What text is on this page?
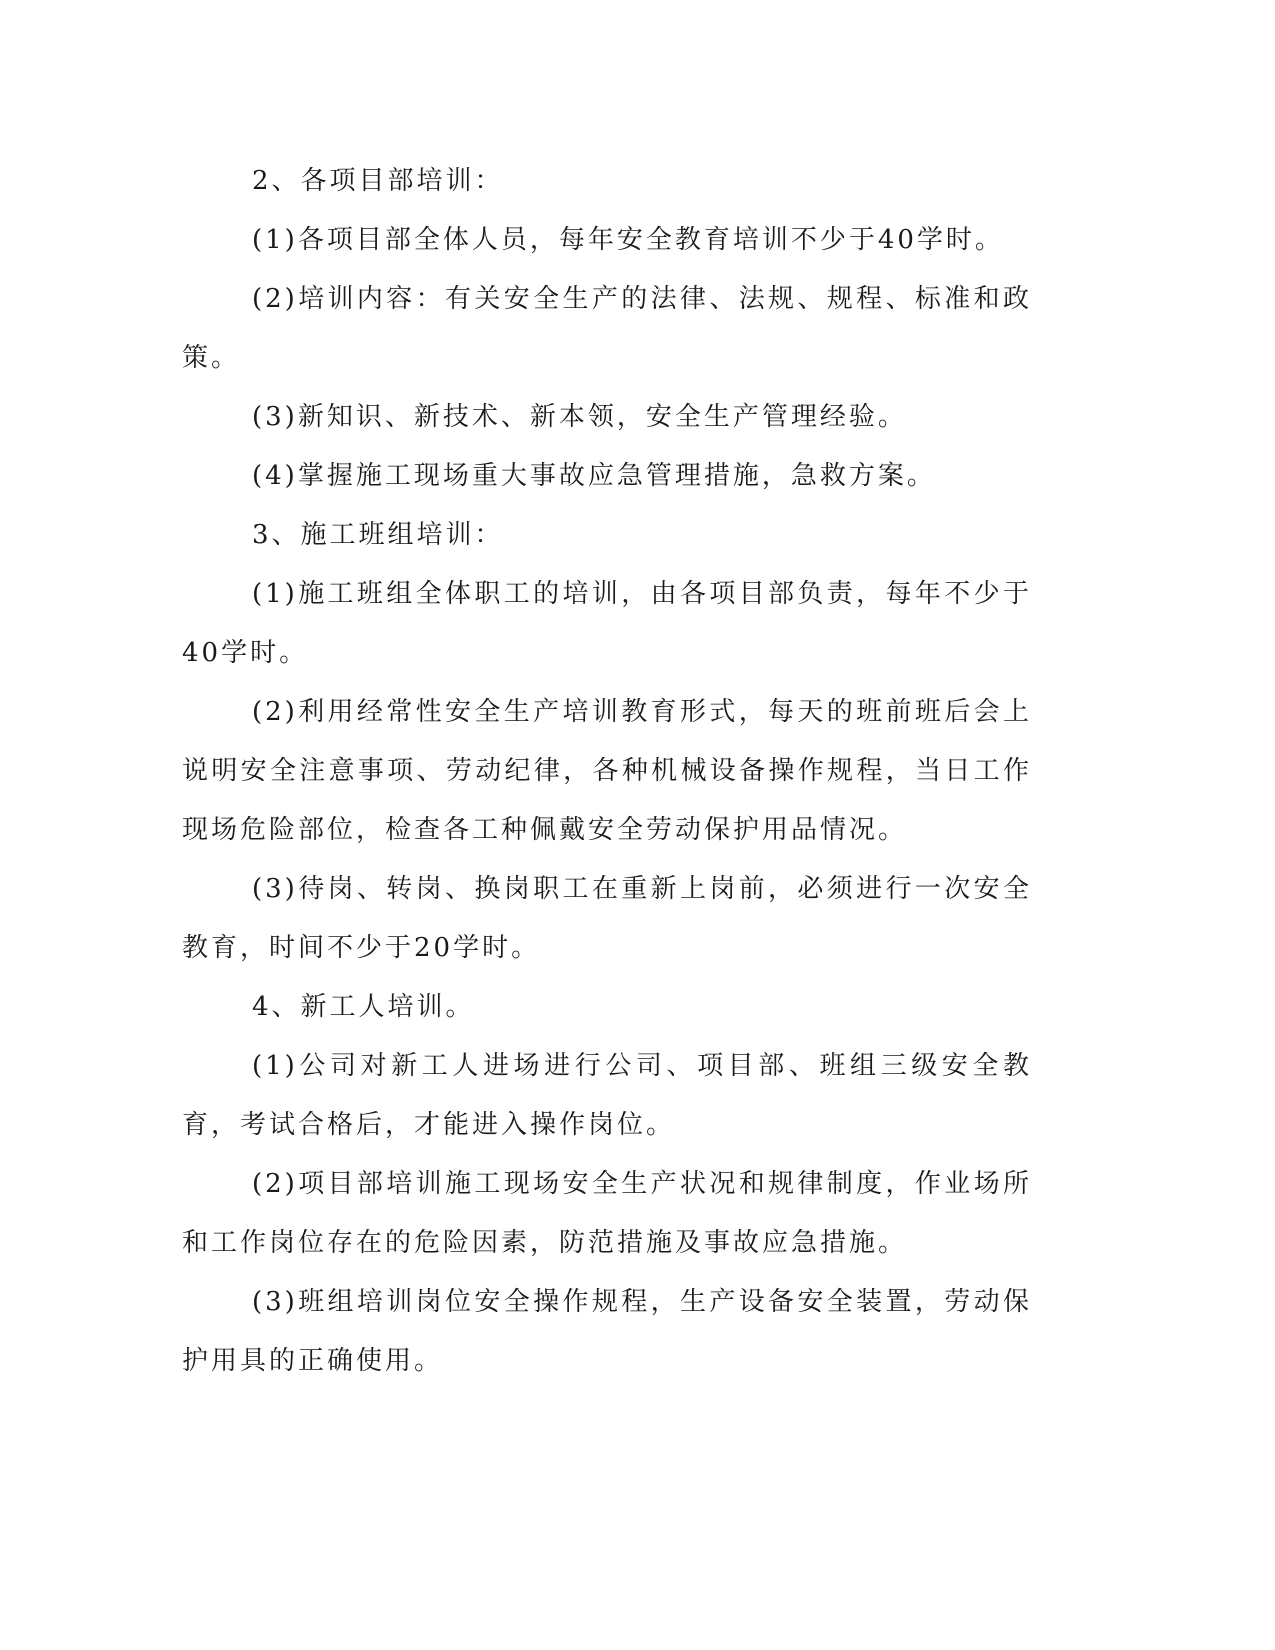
2、各项目部培训：

(1)各项目部全体人员，每年安全教育培训不少于40学时。

(2)培训内容：有关安全生产的法律、法规、规程、标准和政策。

(3)新知识、新技术、新本领，安全生产管理经验。

(4)掌握施工现场重大事故应急管理措施，急救方案。

3、施工班组培训：

(1)施工班组全体职工的培训，由各项目部负责，每年不少于40学时。

(2)利用经常性安全生产培训教育形式，每天的班前班后会上说明安全注意事项、劳动纪律，各种机械设备操作规程，当日工作现场危险部位，检查各工种佩戴安全劳动保护用品情况。

(3)待岗、转岗、换岗职工在重新上岗前，必须进行一次安全教育，时间不少于20学时。

4、新工人培训。

(1)公司对新工人进场进行公司、项目部、班组三级安全教育，考试合格后，才能进入操作岗位。

(2)项目部培训施工现场安全生产状况和规律制度，作业场所和工作岗位存在的危险因素，防范措施及事故应急措施。

(3)班组培训岗位安全操作规程，生产设备安全装置，劳动保护用具的正确使用。
